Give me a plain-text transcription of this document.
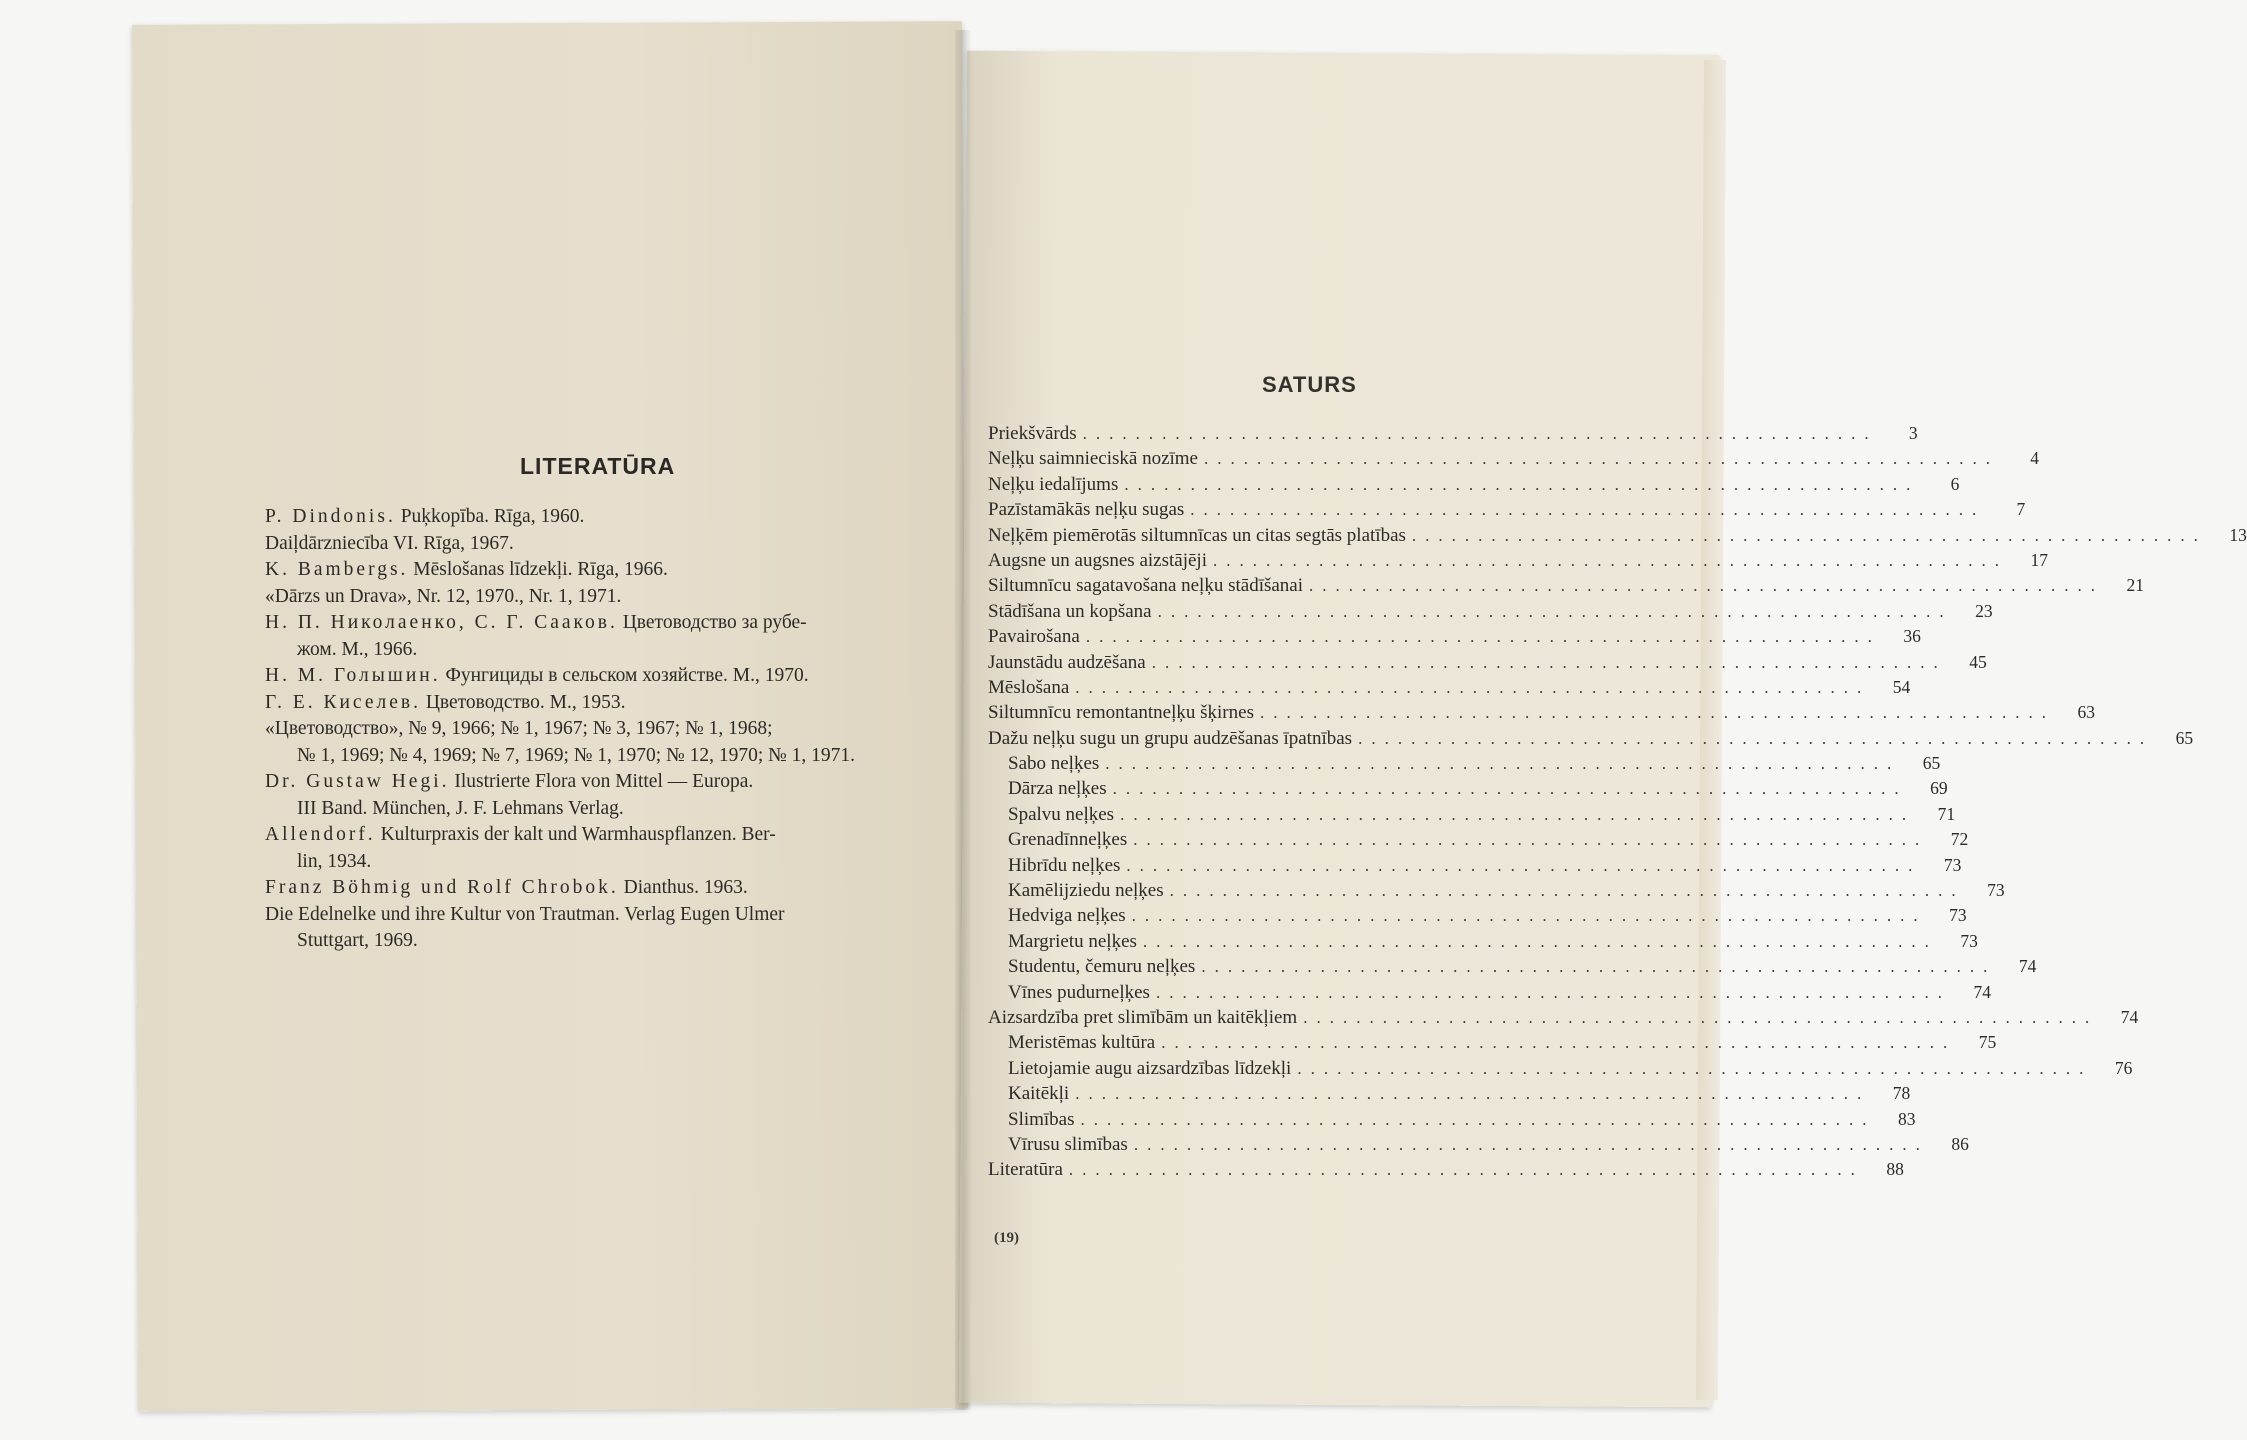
LITERATŪRA
P. Dindonis. Puķkopība. Rīga, 1960.
Daiļdārzniecība VI. Rīga, 1967.
K. Bambergs. Mēslošanas līdzekļi. Rīga, 1966.
«Dārzs un Drava», Nr. 12, 1970., Nr. 1, 1971.
Н. П. Николаенко, С. Г. Сааков. Цветоводство за рубе-
жом. М., 1966.
Н. М. Голышин. Фунгициды в сельском хозяйстве. М., 1970.
Г. Е. Киселев. Цветоводство. М., 1953.
«Цветоводство», № 9, 1966; № 1, 1967; № 3, 1967; № 1, 1968;
№ 1, 1969; № 4, 1969; № 7, 1969; № 1, 1970; № 12, 1970; № 1, 1971.
Dr. Gustaw Hegi. Ilustrierte Flora von Mittel — Europa.
III Band. München, J. F. Lehmans Verlag.
Allendorf. Kulturpraxis der kalt und Warmhauspflanzen. Ber-
lin, 1934.
Franz Böhmig und Rolf Chrobok. Dianthus. 1963.
Die Edelnelke und ihre Kultur von Trautman. Verlag Eugen Ulmer
Stuttgart, 1969.
SATURS
Priekšvārds ............................................................	3
Neļķu saimnieciskā nozīme ............................................................	4
Neļķu iedalījums ............................................................	6
Pazīstamākās neļķu sugas ............................................................	7
Neļķēm piemērotās siltumnīcas un citas segtās platības ............................................................	13
Augsne un augsnes aizstājēji ............................................................	17
Siltumnīcu sagatavošana neļķu stādīšanai ............................................................	21
Stādīšana un kopšana ............................................................	23
Pavairošana ............................................................	36
Jaunstādu audzēšana ............................................................	45
Mēslošana ............................................................	54
Siltumnīcu remontantneļķu šķirnes ............................................................	63
Dažu neļķu sugu un grupu audzēšanas īpatnības ............................................................	65
Sabo neļķes ............................................................	65
Dārza neļķes ............................................................	69
Spalvu neļķes ............................................................	71
Grenadīnneļķes ............................................................	72
Hibrīdu neļķes ............................................................	73
Kamēlijziedu neļķes ............................................................	73
Hedviga neļķes ............................................................	73
Margrietu neļķes ............................................................	73
Studentu, čemuru neļķes ............................................................	74
Vīnes pudurneļķes ............................................................	74
Aizsardzība pret slimībām un kaitēkļiem ............................................................	74
Meristēmas kultūra ............................................................	75
Lietojamie augu aizsardzības līdzekļi ............................................................	76
Kaitēkļi ............................................................	78
Slimības ............................................................	83
Vīrusu slimības ............................................................	86
Literatūra ............................................................	88
(19)
